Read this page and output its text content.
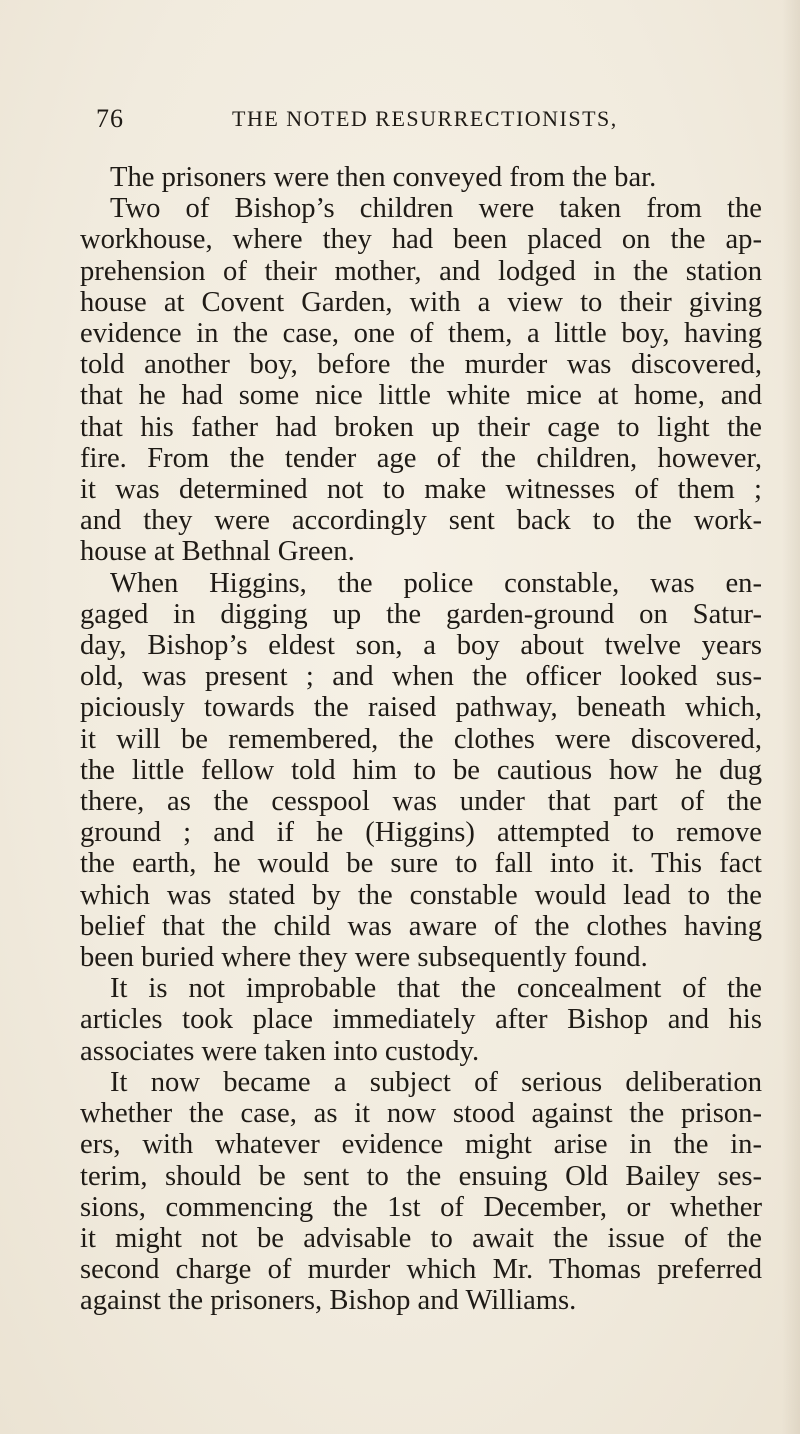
76	THE NOTED RESURRECTIONISTS,
The prisoners were then conveyed from the bar.
Two of Bishop’s children were taken from the
workhouse, where they had been placed on the ap-
prehension of their mother, and lodged in the station
house at Covent Garden, with a view to their giving
evidence in the case, one of them, a little boy, having
told another boy, before the murder was discovered,
that he had some nice little white mice at home, and
that his father had broken up their cage to light the
fire. From the tender age of the children, however,
it was determined not to make witnesses of them ;
and they were accordingly sent back to the work-
house at Bethnal Green.
When Higgins, the police constable, was en-
gaged in digging up the garden-ground on Satur-
day, Bishop’s eldest son, a boy about twelve years
old, was present ; and when the officer looked sus-
piciously towards the raised pathway, beneath which,
it will be remembered, the clothes were discovered,
the little fellow told him to be cautious how he dug
there, as the cesspool was under that part of the
ground ; and if he (Higgins) attempted to remove
the earth, he would be sure to fall into it. This fact
which was stated by the constable would lead to the
belief that the child was aware of the clothes having
been buried where they were subsequently found.
It is not improbable that the concealment of the
articles took place immediately after Bishop and his
associates were taken into custody.
It now became a subject of serious deliberation
whether the case, as it now stood against the prison-
ers, with whatever evidence might arise in the in-
terim, should be sent to the ensuing Old Bailey ses-
sions, commencing the 1st of December, or whether
it might not be advisable to await the issue of the
second charge of murder which Mr. Thomas preferred
against the prisoners, Bishop and Williams.
